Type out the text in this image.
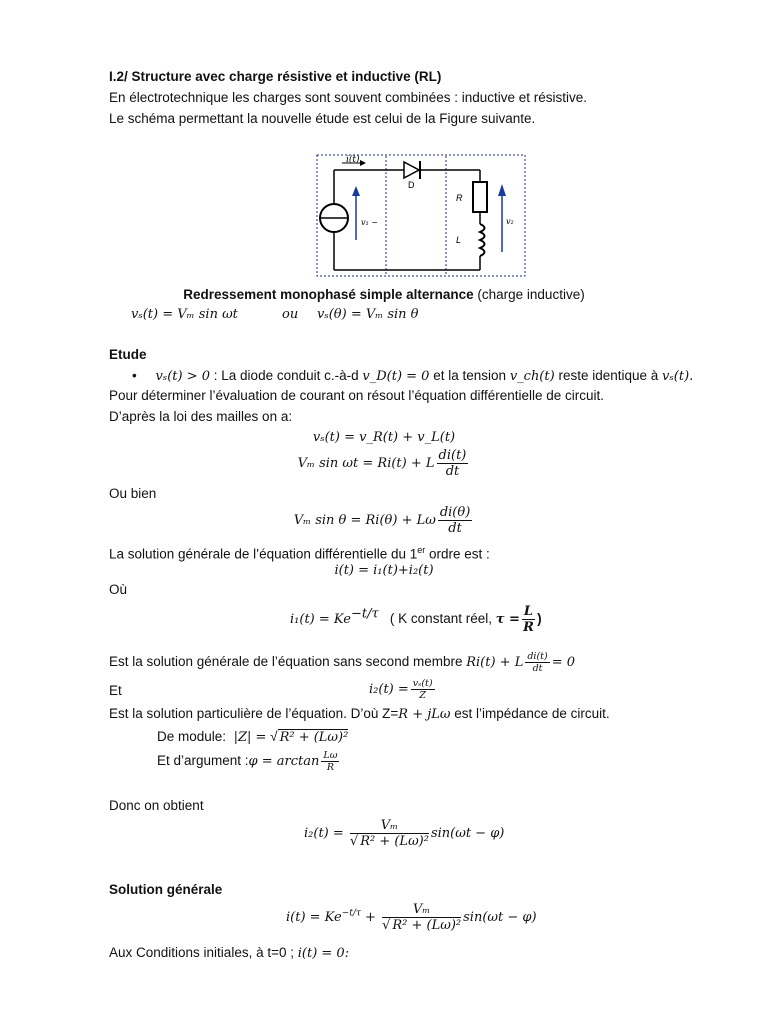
I.2/ Structure avec charge résistive et inductive (RL)
En électrotechnique les charges sont souvent combinées : inductive et résistive.
Le schéma permettant la nouvelle étude est celui de la Figure suivante.
i(t)
D
R
L
v₁ ~	v₂
Redressement monophasé simple alternance (charge inductive)
vₛ(t) = Vₘ sin ωt	ou vₛ(θ) = Vₘ sin θ
Etude
•     vₛ(t) > 0 : La diode conduit c.-à-d v_D(t) = 0 et la tension v_ch(t) reste identique à vₛ(t).
Pour déterminer l’évaluation de courant on résout l’équation différentielle de circuit.
D’après la loi des mailles on a:
vₛ(t) = v_R(t) + v_L(t)
Vₘ sin ωt = Ri(t) + L $\frac{di(t)}{dt}$
Ou bien
Vₘ sin θ = Ri(θ) + Lω $\frac{di(\theta)}{dt}$
La solution générale de l’équation différentielle du 1er ordre est :
i(t) = i₁(t)+i₂(t)
Où
$i_1(t) = Ke^{-t/\tau}$ ( K constant réel, $\tau = \frac{L}{R}$ )
Est la solution générale de l’équation sans second membre Ri(t) + L $\frac{di(t)}{dt} = 0$
Et	$i_2(t) = \frac{\text{vₛ(t)}}{Z}$
Est la solution particulière de l’équation. D’où Z=R + jLω est l’impédance de circuit.
De module: |Z| = √ R² + (Lω)²
Et d’argument :φ = $\arctan \frac{L\omega}{R}$
Donc on obtient
$i_2(t) = \frac{\text{Vₘ}}{\text{√ R² + (Lω)²}} \sin(\omega t - \varphi)$
Solution générale
$i(t) = Ke^{-t/\tau} + \frac{\text{Vₘ}}{\text{√ R² + (Lω)²}} \sin(\omega t - \varphi)$
Aux Conditions initiales, à t=0 ; i(t) = 0:
